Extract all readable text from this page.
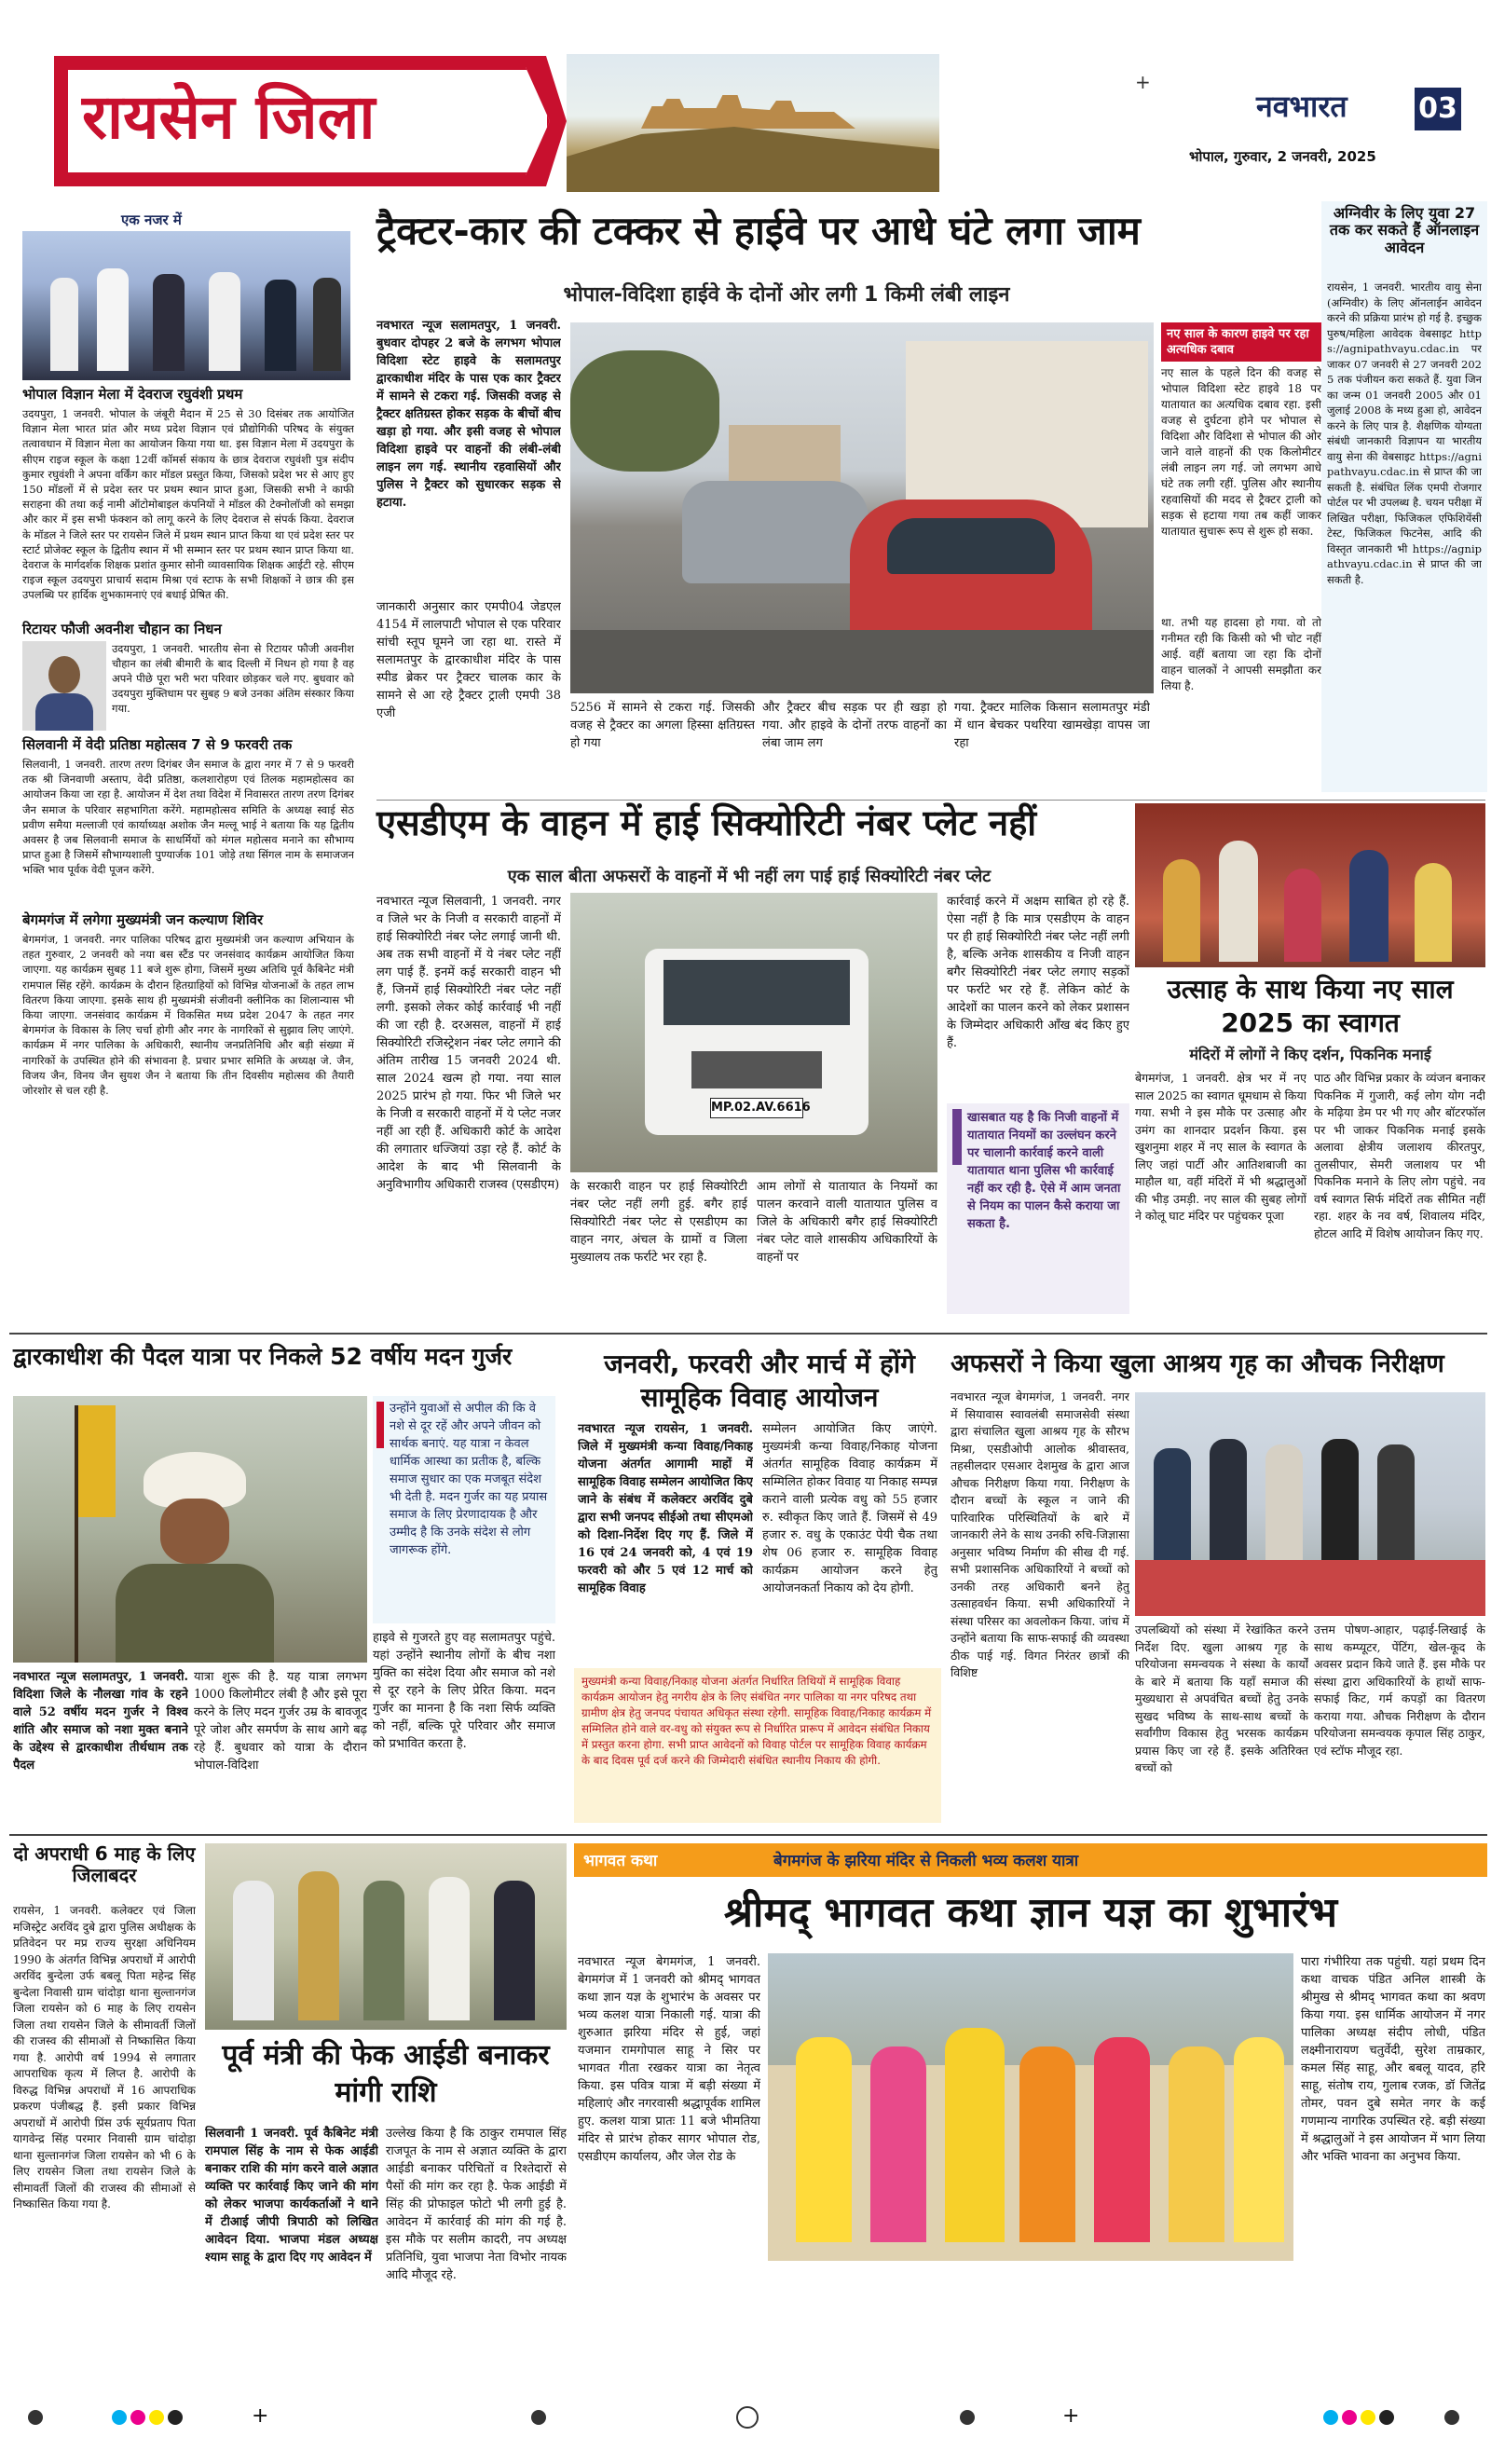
रायसेन जिला	+
नवभारत	03
भोपाल, गुरुवार, 2 जनवरी, 2025
एक नजर में
भोपाल विज्ञान मेला में देवराज रघुवंशी प्रथम
उदयपुरा, 1 जनवरी. भोपाल के जंबूरी मैदान में 25 से 30 दिसंबर तक आयोजित विज्ञान मेला भारत प्रांत और मध्य प्रदेश विज्ञान एवं प्रौद्योगिकी परिषद के संयुक्त तत्वावधान में विज्ञान मेला का आयोजन किया गया था. इस विज्ञान मेला में उदयपुरा के सीएम राइज स्कूल के कक्षा 12वीं कॉमर्स संकाय के छात्र देवराज रघुवंशी पुत्र संदीप कुमार रघुवंशी ने अपना वर्किंग कार मॉडल प्रस्तुत किया, जिसको प्रदेश भर से आए हुए 150 मॉडलों में से प्रदेश स्तर पर प्रथम स्थान प्राप्त हुआ, जिसकी सभी ने काफी सराहना की तथा कई नामी ऑटोमोबाइल कंपनियों ने मॉडल की टेक्नोलॉजी को समझा और कार में इस सभी फंक्शन को लागू करने के लिए देवराज से संपर्क किया. देवराज के मॉडल ने जिले स्तर पर रायसेन जिले में प्रथम स्थान प्राप्त किया था एवं प्रदेश स्तर पर स्टार्ट प्रोजेक्ट स्कूल के द्वितीय स्थान में भी सम्मान स्तर पर प्रथम स्थान प्राप्त किया था. देवराज के मार्गदर्शक शिक्षक प्रशांत कुमार सोनी व्यावसायिक शिक्षक आईटी रहे. सीएम राइज स्कूल उदयपुरा प्राचार्य सदाम मिश्रा एवं स्टाफ के सभी शिक्षकों ने छात्र की इस उपलब्धि पर हार्दिक शुभकामनाएं एवं बधाई प्रेषित की.
रिटायर फौजी अवनीश चौहान का निधन
उदयपुरा, 1 जनवरी. भारतीय सेना से रिटायर फौजी अवनीश चौहान का लंबी बीमारी के बाद दिल्ली में निधन हो गया है वह अपने पीछे पूरा भरी भरा परिवार छोड़कर चले गए. बुधवार को उदयपुरा मुक्तिधाम पर सुबह 9 बजे उनका अंतिम संस्कार किया गया.
सिलवानी में वेदी प्रतिष्ठा महोत्सव 7 से 9 फरवरी तक
सिलवानी, 1 जनवरी. तारण तरण दिगंबर जैन समाज के द्वारा नगर में 7 से 9 फरवरी तक श्री जिनवाणी अस्ताप, वेदी प्रतिष्ठा, कलशारोहण एवं तिलक महामहोत्सव का आयोजन किया जा रहा है. आयोजन में देश तथा विदेश में निवासरत तारण तरण दिगंबर जैन समाज के परिवार सहभागिता करेंगे. महामहोत्सव समिति के अध्यक्ष स्वाई सेठ प्रवीण समैया मल्लाजी एवं कार्याध्यक्ष अशोक जैन मल्लू भाई ने बताया कि यह द्वितीय अवसर है जब सिलवानी समाज के साधर्मियों को मंगल महोत्सव मनाने का सौभाग्य प्राप्त हुआ है जिसमें सौभाग्यशाली पुण्यार्जक 101 जोड़े तथा सिंगल नाम के समाजजन भक्ति भाव पूर्वक वेदी पूजन करेंगे.
बेगमगंज में लगेगा मुख्यमंत्री जन कल्याण शिविर
बेगमगंज, 1 जनवरी. नगर पालिका परिषद द्वारा मुख्यमंत्री जन कल्याण अभियान के तहत गुरुवार, 2 जनवरी को नया बस स्टैंड पर जनसंवाद कार्यक्रम आयोजित किया जाएगा. यह कार्यक्रम सुबह 11 बजे शुरू होगा, जिसमें मुख्य अतिथि पूर्व कैबिनेट मंत्री रामपाल सिंह रहेंगे. कार्यक्रम के दौरान हितग्राहियों को विभिन्न योजनाओं के तहत लाभ वितरण किया जाएगा. इसके साथ ही मुख्यमंत्री संजीवनी क्लीनिक का शिलान्यास भी किया जाएगा. जनसंवाद कार्यक्रम में विकसित मध्य प्रदेश 2047 के तहत नगर बेगमगंज के विकास के लिए चर्चा होगी और नगर के नागरिकों से सुझाव लिए जाएंगे. कार्यक्रम में नगर पालिका के अधिकारी, स्थानीय जनप्रतिनिधि और बड़ी संख्या में नागरिकों के उपस्थित होने की संभावना है. प्रचार प्रभार समिति के अध्यक्ष जे. जैन, विजय जैन, विनय जैन सुयश जैन ने बताया कि तीन दिवसीय महोत्सव की तैयारी जोरशोर से चल रही है.
ट्रैक्टर-कार की टक्कर से हाईवे पर आधे घंटे लगा जाम
भोपाल-विदिशा हाईवे के दोनों ओर लगी 1 किमी लंबी लाइन
नवभारत न्यूज सलामतपुर, 1 जनवरी. बुधवार दोपहर 2 बजे के लगभग भोपाल विदिशा स्टेट हाइवे के सलामतपुर द्वारकाधीश मंदिर के पास एक कार ट्रैक्टर में सामने से टकरा गई. जिसकी वजह से ट्रैक्टर क्षतिग्रस्त होकर सड़क के बीचों बीच खड़ा हो गया. और इसी वजह से भोपाल विदिशा हाइवे पर वाहनों की लंबी-लंबी लाइन लग गई. स्थानीय रहवासियों और पुलिस ने ट्रैक्टर को सुधारकर सड़क से हटाया.
जानकारी अनुसार कार एमपी04 जेडएल 4154 में लालपाटी भोपाल से एक परिवार सांची स्तूप घूमने जा रहा था. रास्ते में सलामतपुर के द्वारकाधीश मंदिर के पास स्पीड ब्रेकर पर ट्रैक्टर चालक कार के सामने से आ रहे ट्रैक्टर ट्राली एमपी 38 एजी	5256 में सामने से टकरा गई. जिसकी वजह से ट्रैक्टर का अगला हिस्सा क्षतिग्रस्त हो गया
और ट्रैक्टर बीच सड़क पर ही खड़ा हो गया. और हाइवे के दोनों तरफ वाहनों का लंबा जाम लग
गया. ट्रैक्टर मालिक किसान सलामतपुर मंडी में धान बेचकर पथरिया खामखेड़ा वापस जा रहा
नए साल के कारण हाइवे पर रहा अत्यधिक दबाव
नए साल के पहले दिन की वजह से भोपाल विदिशा स्टेट हाइवे 18 पर यातायात का अत्यधिक दबाव रहा. इसी वजह से दुर्घटना होने पर भोपाल से विदिशा और विदिशा से भोपाल की ओर जाने वाले वाहनों की एक किलोमीटर लंबी लाइन लग गई. जो लगभग आधे घंटे तक लगी रहीं. पुलिस और स्थानीय रहवासियों की मदद से ट्रैक्टर ट्राली को सड़क से हटाया गया तब कहीं जाकर यातायात सुचारू रूप से शुरू हो सका.
था. तभी यह हादसा हो गया. वो तो गनीमत रही कि किसी को भी चोट नहीं आई. वहीं बताया जा रहा कि दोनों वाहन चालकों ने आपसी समझौता कर लिया है.
अग्निवीर के लिए युवा 27 तक कर सकते हैं ऑनलाइन आवेदन
रायसेन, 1 जनवरी. भारतीय वायु सेना (अग्निवीर) के लिए ऑनलाईन आवेदन करने की प्रक्रिया प्रारंभ हो गई है. इच्छुक पुरुष/महिला आवेदक वेबसाइट https://agnipathvayu.cdac.in पर जाकर 07 जनवरी से 27 जनवरी 2025 तक पंजीयन करा सकते हैं. युवा जिनका जन्म 01 जनवरी 2005 और 01 जुलाई 2008 के मध्य हुआ हो, आवेदन करने के लिए पात्र है. शैक्षणिक योग्यता संबंधी जानकारी विज्ञापन या भारतीय वायु सेना की वेबसाइट https://agnipathvayu.cdac.in से प्राप्त की जा सकती है. संबंधित लिंक एमपी रोजगार पोर्टल पर भी उपलब्ध है. चयन परीक्षा में लिखित परीक्षा, फिजिकल एफिशियेंसी टेस्ट, फिजिकल फिटनेस, आदि की विस्तृत जानकारी भी https://agnipathvayu.cdac.in से प्राप्त की जा सकती है.
एसडीएम के वाहन में हाई सिक्योरिटी नंबर प्लेट नहीं
एक साल बीता अफसरों के वाहनों में भी नहीं लग पाई हाई सिक्योरिटी नंबर प्लेट
नवभारत न्यूज सिलवानी, 1 जनवरी. नगर व जिले भर के निजी व सरकारी वाहनों में हाई सिक्योरिटी नंबर प्लेट लगाई जानी थी. अब तक सभी वाहनों में ये नंबर प्लेट नहीं लग पाई हैं. इनमें कई सरकारी वाहन भी हैं, जिनमें हाई सिक्योरिटी नंबर प्लेट नहीं लगी. इसको लेकर कोई कार्रवाई भी नहीं की जा रही है. दरअसल, वाहनों में हाई सिक्योरिटी रजिस्ट्रेशन नंबर प्लेट लगाने की अंतिम तारीख 15 जनवरी 2024 थी. साल 2024 खत्म हो गया. नया साल 2025 प्रारंभ हो गया. फिर भी जिले भर के निजी व सरकारी वाहनों में ये प्लेट नजर नहीं आ रही हैं. अधिकारी कोर्ट के आदेश की लगातार धज्जियां उड़ा रहे हैं. कोर्ट के आदेश के बाद भी सिलवानी के अनुविभागीय अधिकारी राजस्व (एसडीएम)
MP.02.AV.6616
के सरकारी वाहन पर हाई सिक्योरिटी नंबर प्लेट नहीं लगी हुई. बगैर हाई सिक्योरिटी नंबर प्लेट से एसडीएम का वाहन नगर, अंचल के ग्रामों व जिला मुख्यालय तक फर्राटे भर रहा है.
आम लोगों से यातायात के नियमों का पालन करवाने वाली यातायात पुलिस व जिले के अधिकारी बगैर हाई सिक्योरिटी नंबर प्लेट वाले शासकीय अधिकारियों के वाहनों पर
कार्रवाई करने में अक्षम साबित हो रहे हैं. ऐसा नहीं है कि मात्र एसडीएम के वाहन पर ही हाई सिक्योरिटी नंबर प्लेट नहीं लगी है, बल्कि अनेक शासकीय व निजी वाहन बगैर सिक्योरिटी नंबर प्लेट लगाए सड़कों पर फर्राटे भर रहे हैं. लेकिन कोर्ट के आदेशों का पालन करने को लेकर प्रशासन के जिम्मेदार अधिकारी आँख बंद किए हुए हैं.
खासबात यह है कि निजी वाहनों में यातायात नियमों का उल्लंघन करने पर चालानी कार्रवाई करने वाली यातायात थाना पुलिस भी कार्रवाई नहीं कर रही है. ऐसे में आम जनता से नियम का पालन कैसे कराया जा सकता है.
उत्साह के साथ किया नए साल 2025 का स्वागत
मंदिरों में लोगों ने किए दर्शन, पिकनिक मनाई
बेगमगंज, 1 जनवरी. क्षेत्र भर में नए साल 2025 का स्वागत धूमधाम से किया गया. सभी ने इस मौके पर उत्साह और उमंग का शानदार प्रदर्शन किया. इस खुशनुमा शहर में नए साल के स्वागत के लिए जहां पार्टी और आतिशबाजी का माहौल था, वहीं मंदिरों में भी श्रद्धालुओं की भीड़ उमड़ी. नए साल की सुबह लोगों ने कोलू घाट मंदिर पर पहुंचकर पूजा
पाठ और विभिन्न प्रकार के व्यंजन बनाकर पिकनिक में गुजारी, कई लोग योग नदी के मढ़िया डेम पर भी गए और बॉटरफॉल पर भी जाकर पिकनिक मनाई इसके अलावा क्षेत्रीय जलाशय कीरतपुर, तुलसीपार, सेमरी जलाशय पर भी पिकनिक मनाने के लिए लोग पहुंचे. नव वर्ष स्वागत सिर्फ मंदिरों तक सीमित नहीं रहा. शहर के नव वर्ष, शिवालय मंदिर, होटल आदि में विशेष आयोजन किए गए.
द्वारकाधीश की पैदल यात्रा पर निकले 52 वर्षीय मदन गुर्जर
उन्होंने युवाओं से अपील की कि वे नशे से दूर रहें और अपने जीवन को सार्थक बनाएं. यह यात्रा न केवल धार्मिक आस्था का प्रतीक है, बल्कि समाज सुधार का एक मजबूत संदेश भी देती है. मदन गुर्जर का यह प्रयास समाज के लिए प्रेरणादायक है और उम्मीद है कि उनके संदेश से लोग जागरूक होंगे.
नवभारत न्यूज सलामतपुर, 1 जनवरी. विदिशा जिले के नौलखा गांव के रहने वाले 52 वर्षीय मदन गुर्जर ने विश्व शांति और समाज को नशा मुक्त बनाने के उद्देश्य से द्वारकाधीश तीर्थधाम तक पैदल
यात्रा शुरू की है. यह यात्रा लगभग 1000 किलोमीटर लंबी है और इसे पूरा करने के लिए मदन गुर्जर उम्र के बावजूद पूरे जोश और समर्पण के साथ आगे बढ़ रहे हैं. बुधवार को यात्रा के दौरान भोपाल-विदिशा
हाइवे से गुजरते हुए वह सलामतपुर पहुंचे. यहां उन्होंने स्थानीय लोगों के बीच नशा मुक्ति का संदेश दिया और समाज को नशे से दूर रहने के लिए प्रेरित किया. मदन गुर्जर का मानना है कि नशा सिर्फ व्यक्ति को नहीं, बल्कि पूरे परिवार और समाज को प्रभावित करता है.
जनवरी, फरवरी और मार्च में होंगे सामूहिक विवाह आयोजन
नवभारत न्यूज रायसेन, 1 जनवरी. जिले में मुख्यमंत्री कन्या विवाह/निकाह योजना अंतर्गत आगामी माहों में सामूहिक विवाह सम्मेलन आयोजित किए जाने के संबंध में कलेक्टर अरविंद दुबे द्वारा सभी जनपद सीईओ तथा सीएमओ को दिशा-निर्देश दिए गए हैं. जिले में 16 एवं 24 जनवरी को, 4 एवं 19 फरवरी को और 5 एवं 12 मार्च को सामूहिक विवाह
सम्मेलन आयोजित किए जाएंगे. मुख्यमंत्री कन्या विवाह/निकाह योजना अंतर्गत सामूहिक विवाह कार्यक्रम में सम्मिलित होकर विवाह या निकाह सम्पन्न कराने वाली प्रत्येक वधु को 55 हजार रु. स्वीकृत किए जाते हैं. जिसमें से 49 हजार रु. वधु के एकाउंट पेयी चैक तथा शेष 06 हजार रु. सामूहिक विवाह कार्यक्रम आयोजन करने हेतु आयोजनकर्ता निकाय को देय होगी.
मुख्यमंत्री कन्या विवाह/निकाह योजना अंतर्गत निर्धारित तिथियों में सामूहिक विवाह कार्यक्रम आयोजन हेतु नगरीय क्षेत्र के लिए संबंधित नगर पालिका या नगर परिषद तथा ग्रामीण क्षेत्र हेतु जनपद पंचायत अधिकृत संस्था रहेगी. सामूहिक विवाह/निकाह कार्यक्रम में सम्मिलित होने वाले वर-वधु को संयुक्त रूप से निर्धारित प्रारूप में आवेदन संबंधित निकाय में प्रस्तुत करना होगा. सभी प्राप्त आवेदनों को विवाह पोर्टल पर सामूहिक विवाह कार्यक्रम के बाद दिवस पूर्व दर्ज करने की जिम्मेदारी संबंधित स्थानीय निकाय की होगी.
अफसरों ने किया खुला आश्रय गृह का औचक निरीक्षण
नवभारत न्यूज बेगमगंज, 1 जनवरी. नगर में सियावास स्वावलंबी समाजसेवी संस्था द्वारा संचालित खुला आश्रय गृह के सौरभ मिश्रा, एसडीओपी आलोक श्रीवास्तव, तहसीलदार एसआर देशमुख के द्वारा आज औचक निरीक्षण किया गया. निरीक्षण के दौरान बच्चों के स्कूल न जाने की पारिवारिक परिस्थितियों के बारे में जानकारी लेने के साथ उनकी रुचि-जिज्ञासा अनुसार भविष्य निर्माण की सीख दी गई. सभी प्रशासनिक अधिकारियों ने बच्चों को उनकी तरह अधिकारी बनने हेतु उत्साहवर्धन किया. सभी अधिकारियों ने संस्था परिसर का अवलोकन किया. जांच में उन्होंने बताया कि साफ-सफाई की व्यवस्था ठीक पाई गई. विगत निरंतर छात्रों की विशिष्ट
उपलब्धियों को संस्था में रेखांकित करने निर्देश दिए. खुला आश्रय गृह के परियोजना समन्वयक ने संस्था के कार्यों के बारे में बताया कि यहाँ समाज की मुख्यधारा से अपवंचित बच्चों हेतु उनके सुखद भविष्य के साथ-साथ बच्चों के सर्वांगीण विकास हेतु भरसक कार्यक्रम प्रयास किए जा रहे हैं. इसके अतिरिक्त बच्चों को
उत्तम पोषण-आहार, पढ़ाई-लिखाई के साथ कम्प्यूटर, पेंटिंग, खेल-कूद के अवसर प्रदान किये जाते हैं. इस मौके पर संस्था द्वारा अधिकारियों के हाथों साफ-सफाई किट, गर्म कपड़ों का वितरण कराया गया. औचक निरीक्षण के दौरान परियोजना समन्वयक कृपाल सिंह ठाकुर, एवं स्टॉफ मौजूद रहा.
दो अपराधी 6 माह के लिए जिलाबदर
रायसेन, 1 जनवरी. कलेक्टर एवं जिला मजिस्ट्रेट अरविंद दुबे द्वारा पुलिस अधीक्षक के प्रतिवेदन पर मप्र राज्य सुरक्षा अधिनियम 1990 के अंतर्गत विभिन्न अपराधों में आरोपी अरविंद बुन्देला उर्फ बबलू पिता महेन्द्र सिंह बुन्देला निवासी ग्राम चांदोड़ा थाना सुल्तानगंज जिला रायसेन को 6 माह के लिए रायसेन जिला तथा रायसेन जिले के सीमावर्ती जिलों की राजस्व की सीमाओं से निष्कासित किया गया है. आरोपी वर्ष 1994 से लगातार आपराधिक कृत्य में लिप्त है. आरोपी के विरुद्ध विभिन्न अपराधों में 16 आपराधिक प्रकरण पंजीबद्ध हैं. इसी प्रकार विभिन्न अपराधों में आरोपी प्रिंस उर्फ सूर्यप्रताप पिता यागवेन्द्र सिंह परमार निवासी ग्राम चांदोड़ा थाना सुल्तानगंज जिला रायसेन को भी 6 के लिए रायसेन जिला तथा रायसेन जिले के सीमावर्ती जिलों की राजस्व की सीमाओं से निष्कासित किया गया है.
पूर्व मंत्री की फेक आईडी बनाकर मांगी राशि
सिलवानी 1 जनवरी. पूर्व कैबिनेट मंत्री रामपाल सिंह के नाम से फेक आईडी बनाकर राशि की मांग करने वाले अज्ञात व्यक्ति पर कार्रवाई किए जाने की मांग को लेकर भाजपा कार्यकर्ताओं ने थाने में टीआई जीपी त्रिपाठी को लिखित आवेदन दिया. भाजपा मंडल अध्यक्ष श्याम साहू के द्वारा दिए गए आवेदन में
उल्लेख किया है कि ठाकुर रामपाल सिंह राजपूत के नाम से अज्ञात व्यक्ति के द्वारा आईडी बनाकर परिचितों व रिश्तेदारों से पैसों की मांग कर रहा है. फेक आईडी में सिंह की प्रोफाइल फोटो भी लगी हुई है. आवेदन में कार्रवाई की मांग की गई है. इस मौके पर सलीम कादरी, नप अध्यक्ष प्रतिनिधि, युवा भाजपा नेता विभोर नायक आदि मौजूद रहे.
भागवत कथा	बेगमगंज के झरिया मंदिर से निकली भव्य कलश यात्रा
श्रीमद् भागवत कथा ज्ञान यज्ञ का शुभारंभ
नवभारत न्यूज बेगमगंज, 1 जनवरी. बेगमगंज में 1 जनवरी को श्रीमद् भागवत कथा ज्ञान यज्ञ के शुभारंभ के अवसर पर भव्य कलश यात्रा निकाली गई. यात्रा की शुरुआत झरिया मंदिर से हुई, जहां यजमान रामगोपाल साहू ने सिर पर भागवत गीता रखकर यात्रा का नेतृत्व किया. इस पवित्र यात्रा में बड़ी संख्या में महिलाएं और नगरवासी श्रद्धापूर्वक शामिल हुए. कलश यात्रा प्रातः 11 बजे भीमतिया मंदिर से प्रारंभ होकर सागर भोपाल रोड, एसडीएम कार्यालय, और जेल रोड के
पारा गंभीरिया तक पहुंची. यहां प्रथम दिन कथा वाचक पंडित अनिल शास्त्री के श्रीमुख से श्रीमद् भागवत कथा का श्रवण किया गया. इस धार्मिक आयोजन में नगर पालिका अध्यक्ष संदीप लोधी, पंडित लक्ष्मीनारायण चतुर्वेदी, सुरेश ताम्रकार, कमल सिंह साहू, और बबलू यादव, हरि साहू, संतोष राय, गुलाब रजक, डॉ जितेंद्र तोमर, पवन दुबे समेत नगर के कई गणमान्य नागरिक उपस्थित रहे. बड़ी संख्या में श्रद्धालुओं ने इस आयोजन में भाग लिया और भक्ति भावना का अनुभव किया.
+	+
